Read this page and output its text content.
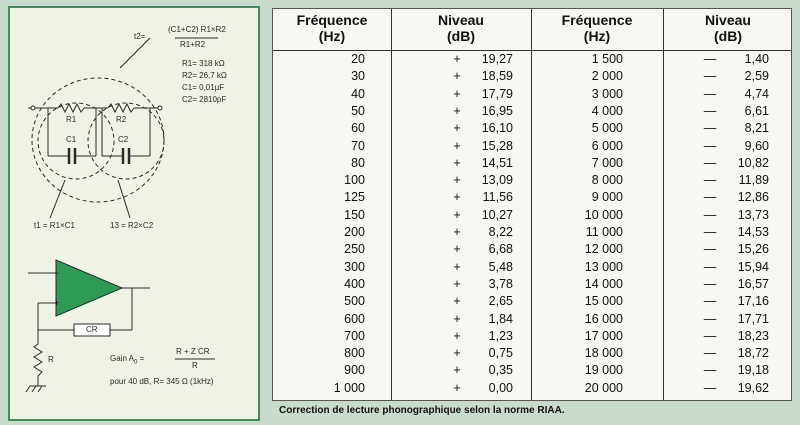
−
+
t2=
(C1+C2) R1×R2
R1+R2
R1= 318 kΩ
R2= 26,7 kΩ
C1= 0,01µF
C2= 2810pF
R1	R2
C1	C2
t1 = R1×C1	13 = R2×C2
CR
R	Gain $A_0$ =
R + Z CR
R
pour 40 dB, R= 345 Ω (1kHz)
Fréquence
(Hz)
Niveau
(dB)
Fréquence
(Hz)
Niveau
(dB)
20	+	19,27	1 500	—	1,40
30	+	18,59	2 000	—	2,59
40	+	17,79	3 000	—	4,74
50	+	16,95	4 000	—	6,61
60	+	16,10	5 000	—	8,21
70	+	15,28	6 000	—	9,60
80	+	14,51	7 000	—	10,82
100	+	13,09	8 000	—	11,89
125	+	11,56	9 000	—	12,86
150	+	10,27	10 000	—	13,73
200	+	8,22	11 000	—	14,53
250	+	6,68	12 000	—	15,26
300	+	5,48	13 000	—	15,94
400	+	3,78	14 000	—	16,57
500	+	2,65	15 000	—	17,16
600	+	1,84	16 000	—	17,71
700	+	1,23	17 000	—	18,23
800	+	0,75	18 000	—	18,72
900	+	0,35	19 000	—	19,18
1 000	+	0,00	20 000	—	19,62
Correction de lecture phonographique selon la norme RIAA.
